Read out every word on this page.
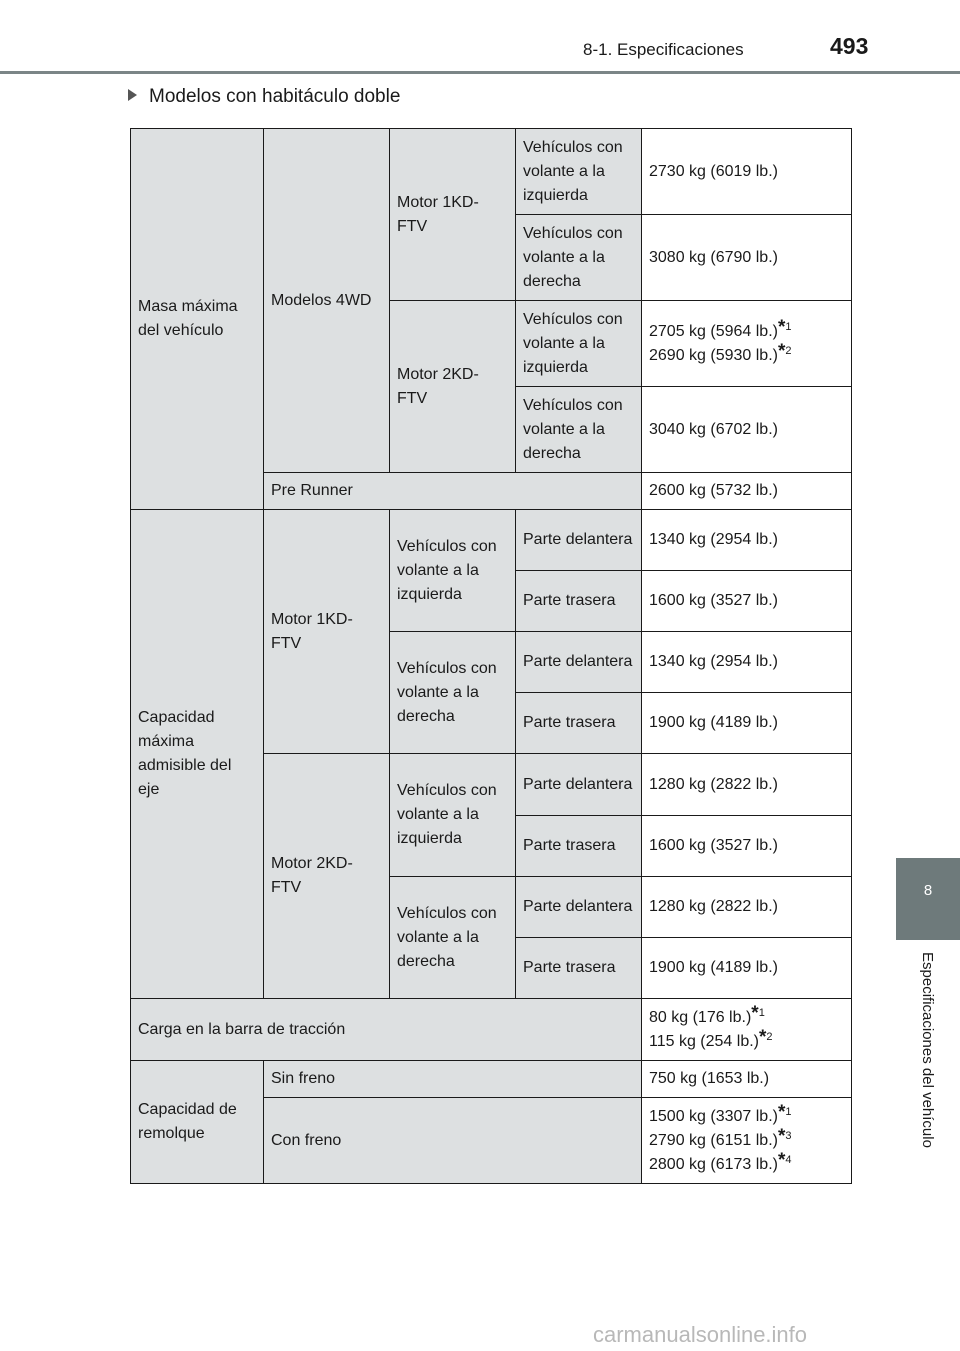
8-1. Especificaciones	493
8
Especificaciones del vehículo
Modelos con habitáculo doble
Masa máxima del vehículo	Modelos 4WD	Motor 1KD-FTV	Vehículos con volante a la izquierda	2730 kg (6019 lb.)
			Vehículos con volante a la derecha	3080 kg (6790 lb.)
		Motor 2KD-FTV	Vehículos con volante a la izquierda	2705 kg (5964 lb.)$^{*1}$
2690 kg (5930 lb.)$^{*2}$
			Vehículos con volante a la derecha	3040 kg (6702 lb.)
	Pre Runner			2600 kg (5732 lb.)
Capacidad máxima admisible del eje	Motor 1KD-FTV	Vehículos con volante a la izquierda	Parte delantera	1340 kg (2954 lb.)
			Parte trasera	1600 kg (3527 lb.)
		Vehículos con volante a la derecha	Parte delantera	1340 kg (2954 lb.)
			Parte trasera	1900 kg (4189 lb.)
	Motor 2KD-FTV	Vehículos con volante a la izquierda	Parte delantera	1280 kg (2822 lb.)
			Parte trasera	1600 kg (3527 lb.)
		Vehículos con volante a la derecha	Parte delantera	1280 kg (2822 lb.)
			Parte trasera	1900 kg (4189 lb.)
Carga en la barra de tracción				80 kg (176 lb.)$^{*1}$
115 kg (254 lb.)$^{*2}$
Capacidad de remolque	Sin freno			750 kg (1653 lb.)
	Con freno			1500 kg (3307 lb.)$^{*1}$
2790 kg (6151 lb.)$^{*3}$
2800 kg (6173 lb.)$^{*4}$
carmanualsonline.info
